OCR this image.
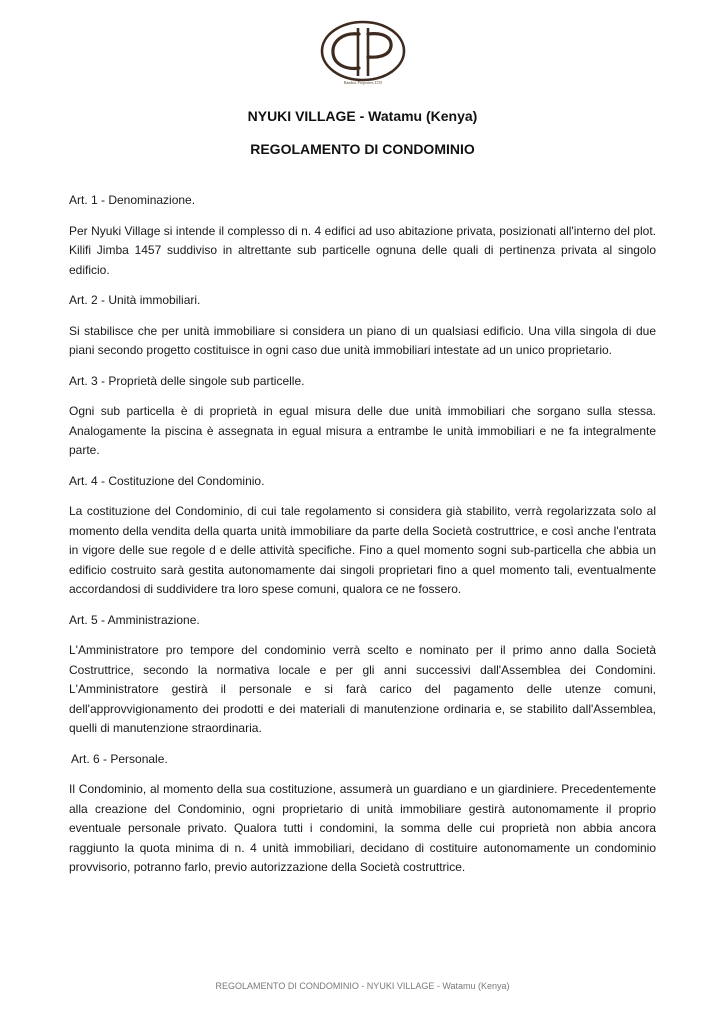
Bandini Properties LTD
NYUKI VILLAGE - Watamu (Kenya)
REGOLAMENTO DI CONDOMINIO
Art. 1 - Denominazione.
Per Nyuki Village si intende il complesso di n. 4 edifici ad uso abitazione privata, posizionati all'interno del plot. Kilifi Jimba 1457 suddiviso in altrettante sub particelle ognuna delle quali di pertinenza privata al singolo edificio.
Art. 2 - Unità immobiliari.
Si stabilisce che per unità immobiliare si considera un piano di un qualsiasi edificio. Una villa singola di due piani secondo progetto costituisce in ogni caso due unità immobiliari intestate ad un unico proprietario.
Art. 3 - Proprietà delle singole sub particelle.
Ogni sub particella è di proprietà in egual misura delle due unità immobiliari che sorgano sulla stessa. Analogamente la piscina è assegnata in egual misura a entrambe le unità immobiliari e ne fa integralmente parte.
Art. 4 - Costituzione del Condominio.
La costituzione del Condominio, di cui tale regolamento si considera già stabilito, verrà regolarizzata solo al momento della vendita della quarta unità immobiliare da parte della Società costruttrice, e così anche l'entrata in vigore delle sue regole d e delle attività specifiche. Fino a quel momento sogni sub-particella che abbia un edificio costruito sarà gestita autonomamente dai singoli proprietari fino a quel momento tali, eventualmente accordandosi di suddividere tra loro spese comuni, qualora ce ne fossero.
Art. 5 - Amministrazione.
L'Amministratore pro tempore del condominio verrà scelto e nominato per il primo anno dalla Società Costruttrice, secondo la normativa locale e per gli anni successivi dall'Assemblea dei Condomini. L'Amministratore gestirà il personale e si farà carico del pagamento delle utenze comuni, dell'approvvigionamento dei prodotti e dei materiali di manutenzione ordinaria e, se stabilito dall'Assemblea, quelli di manutenzione straordinaria.
Art. 6 - Personale.
Il Condominio, al momento della sua costituzione, assumerà un guardiano e un giardiniere. Precedentemente alla creazione del Condominio, ogni proprietario di unità immobiliare gestirà autonomamente il proprio eventuale personale privato. Qualora tutti i condomini, la somma delle cui proprietà non abbia ancora raggiunto la quota minima di n. 4 unità immobiliari, decidano di costituire autonomamente un condominio provvisorio, potranno farlo, previo autorizzazione della Società costruttrice.
REGOLAMENTO DI CONDOMINIO - NYUKI VILLAGE - Watamu (Kenya)
